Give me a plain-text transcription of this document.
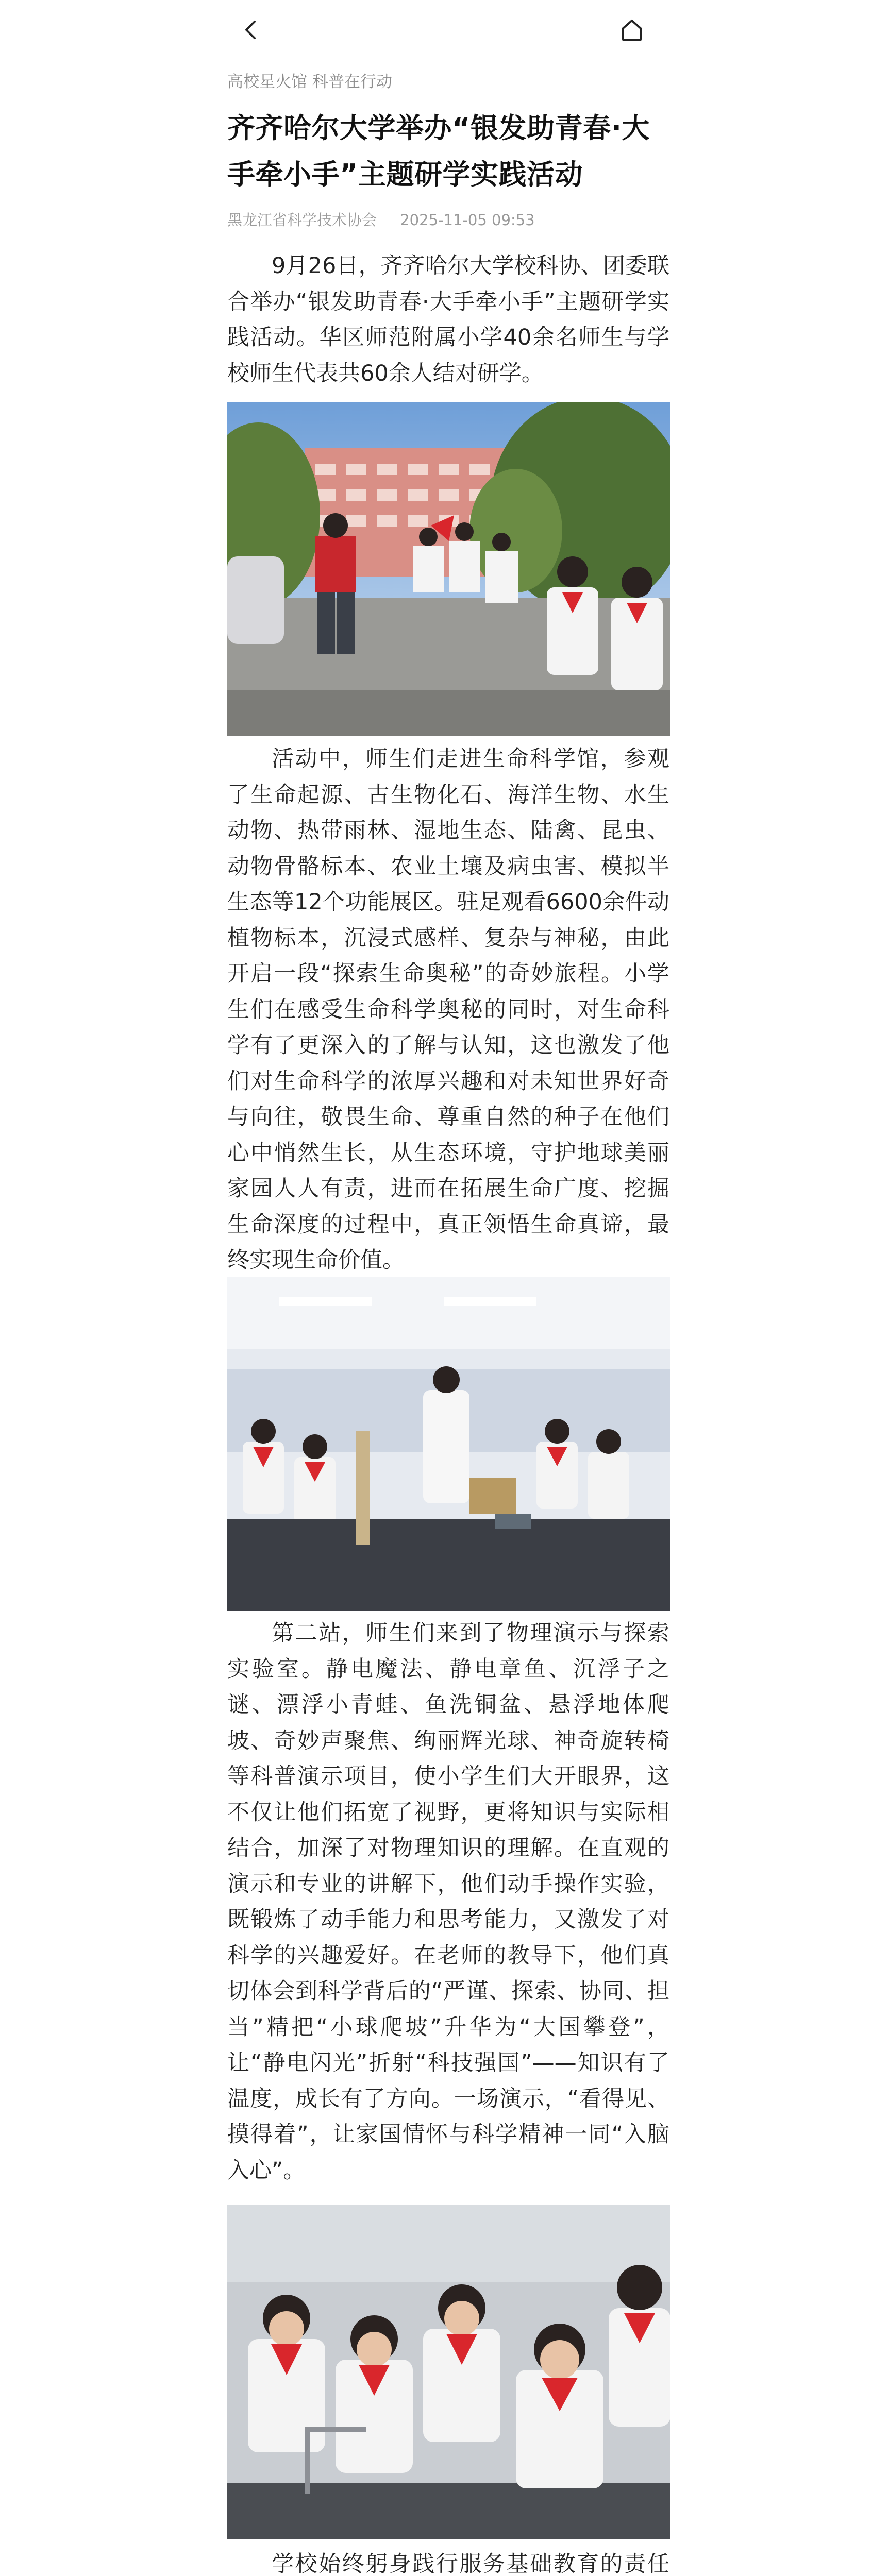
高校星火馆 科普在行动
齐齐哈尔大学举办“银发助青春·大手牵小手”主题研学实践活动
黑龙江省科学技术协会 2025-11-05 09:53

9月26日，齐齐哈尔大学校科协、团委联合举办“银发助青春·大手牵小手”主题研学实践活动。华区师范附属小学40余名师生与学校师生代表共60余人结对研学。

活动中，师生们走进生命科学馆，参观了生命起源、古生物化石、海洋生物、水生动物、热带雨林、湿地生态、陆禽、昆虫、动物骨骼标本、农业土壤及病虫害、模拟半生态等12个功能展区。驻足观看6600余件动植物标本，沉浸式感样、复杂与神秘，由此开启一段“探索生命奥秘”的奇妙旅程。小学生们在感受生命科学奥秘的同时，对生命科学有了更深入的了解与认知，这也激发了他们对生命科学的浓厚兴趣和对未知世界好奇与向往，敬畏生命、尊重自然的种子在他们心中悄然生长，从生态环境，守护地球美丽家园人人有责，进而在拓展生命广度、挖掘生命深度的过程中，真正领悟生命真谛，最终实现生命价值。

第二站，师生们来到了物理演示与探索实验室。静电魔法、静电章鱼、沉浮子之谜、漂浮小青蛙、鱼洗铜盆、悬浮地体爬坡、奇妙声聚焦、绚丽辉光球、神奇旋转椅等科普演示项目，使小学生们大开眼界，这不仅让他们拓宽了视野，更将知识与实际相结合，加深了对物理知识的理解。在直观的演示和专业的讲解下，他们动手操作实验，既锻炼了动手能力和思考能力，又激发了对科学的兴趣爱好。在老师的教导下，他们真切体会到科学背后的“严谨、探索、协同、担当”精把“小球爬坡”升华为“大国攀登”，让“静电闪光”折射“科技强国”——知识有了温度，成长有了方向。一场演示，“看得见、摸得着”，让家国情怀与科学精神一同“入脑入心”。

学校始终躬身践行服务基础教育的责任
